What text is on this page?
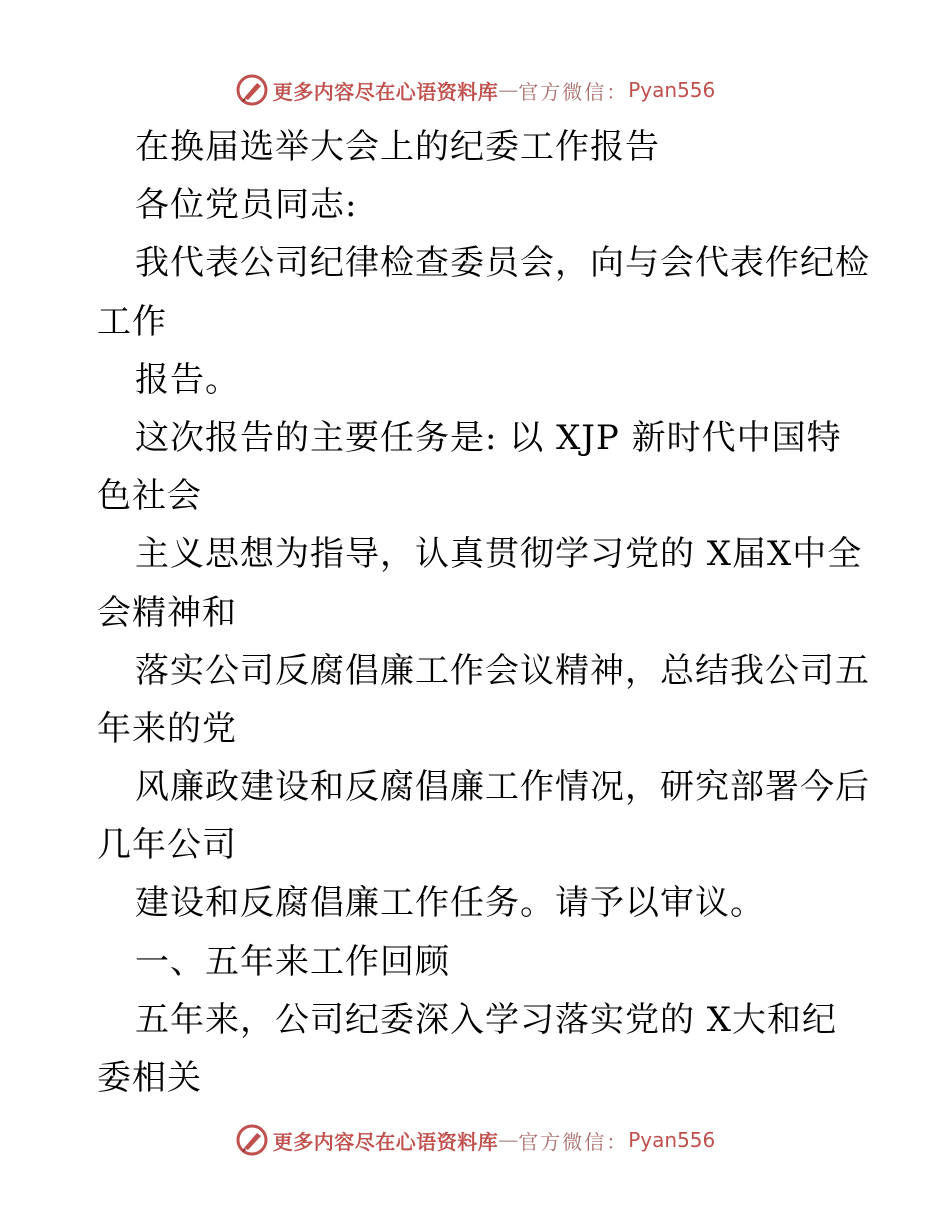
更多内容尽在心语资料库 — 官方微信： Pyan556
在换届选举大会上的纪委工作报告
各位党员同志:
我代表公司纪律检查委员会，向与会代表作纪检
工作
报告。
这次报告的主要任务是: 以 XJP 新时代中国特
色社会
主义思想为指导，认真贯彻学习党的 X届X中全
会精神和
落实公司反腐倡廉工作会议精神，总结我公司五
年来的党
风廉政建设和反腐倡廉工作情况，研究部署今后
几年公司
建设和反腐倡廉工作任务。请予以审议。
一、五年来工作回顾
五年来，公司纪委深入学习落实党的 X大和纪
委相关
更多内容尽在心语资料库 — 官方微信： Pyan556
